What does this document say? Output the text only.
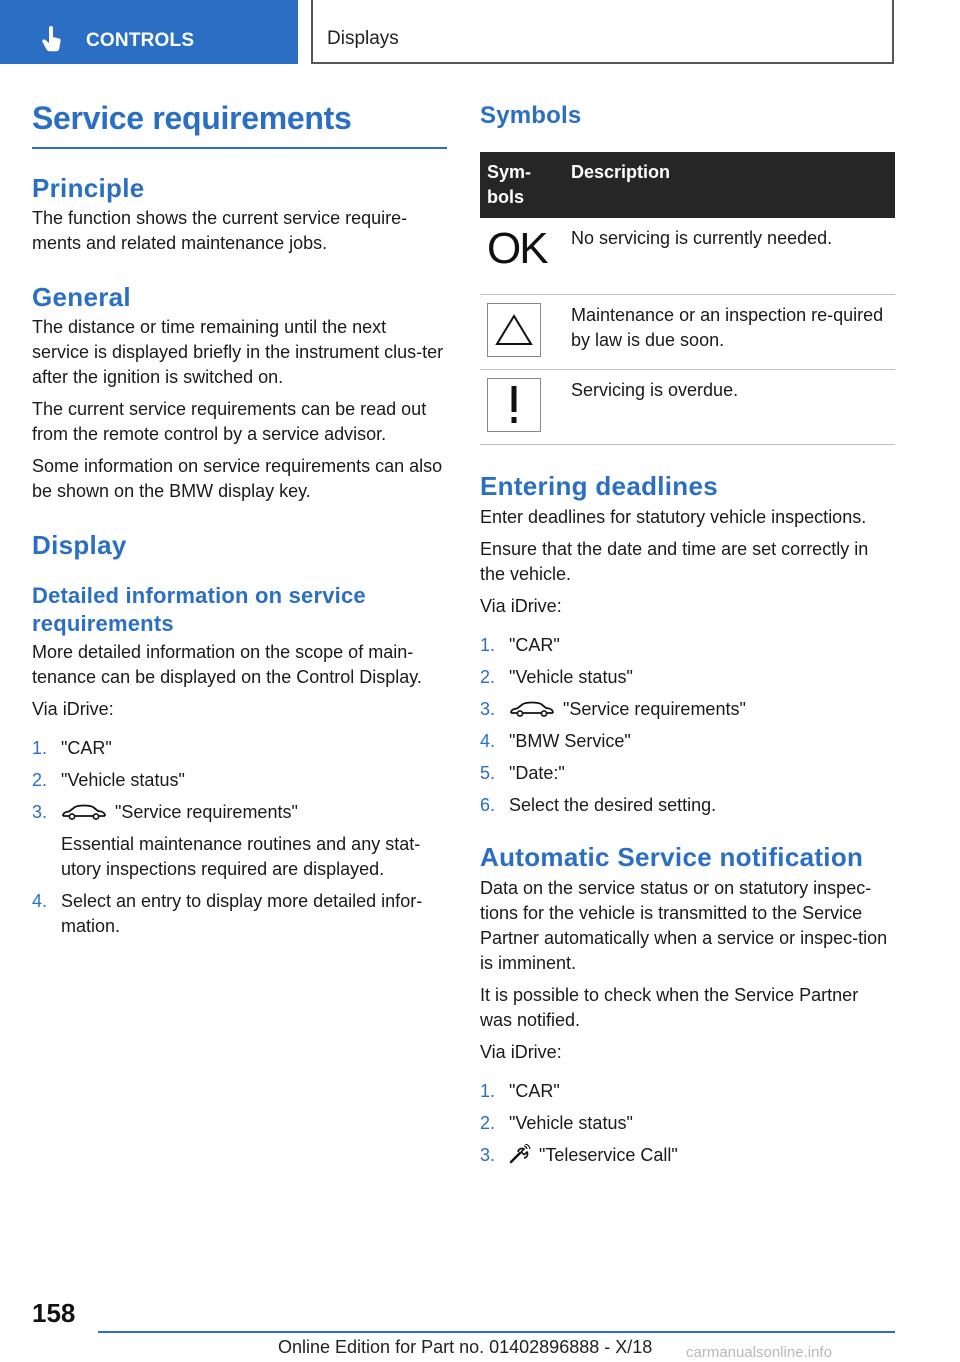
CONTROLS	Displays
Service requirements
Principle

The function shows the current service require-ments and related maintenance jobs.

General

The distance or time remaining until the next service is displayed briefly in the instrument clus-ter after the ignition is switched on.

The current service requirements can be read out from the remote control by a service advisor.

Some information on service requirements can also be shown on the BMW display key.

Display
Detailed information on service requirements

More detailed information on the scope of main-tenance can be displayed on the Control Display.

Via iDrive:

1. "CAR"
2. "Vehicle status"
3.	"Service requirements"
Essential maintenance routines and any stat-utory inspections required are displayed.
4. Select an entry to display more detailed infor-mation.
Symbols
Sym-bols	Description

OK	No servicing is currently needed.

	Maintenance or an inspection re-quired by law is due soon.

	Servicing is overdue.
Entering deadlines

Enter deadlines for statutory vehicle inspections.

Ensure that the date and time are set correctly in the vehicle.

Via iDrive:

1. "CAR"
2. "Vehicle status"
3.	"Service requirements"
4. "BMW Service"
5. "Date:"
6. Select the desired setting.
Automatic Service notification

Data on the service status or on statutory inspec-tions for the vehicle is transmitted to the Service Partner automatically when a service or inspec-tion is imminent.

It is possible to check when the Service Partner was notified.

Via iDrive:

1. "CAR"
2. "Vehicle status"
3. "Teleservice Call"
158
Online Edition for Part no. 01402896888 - X/18 carmanualsonline.info
